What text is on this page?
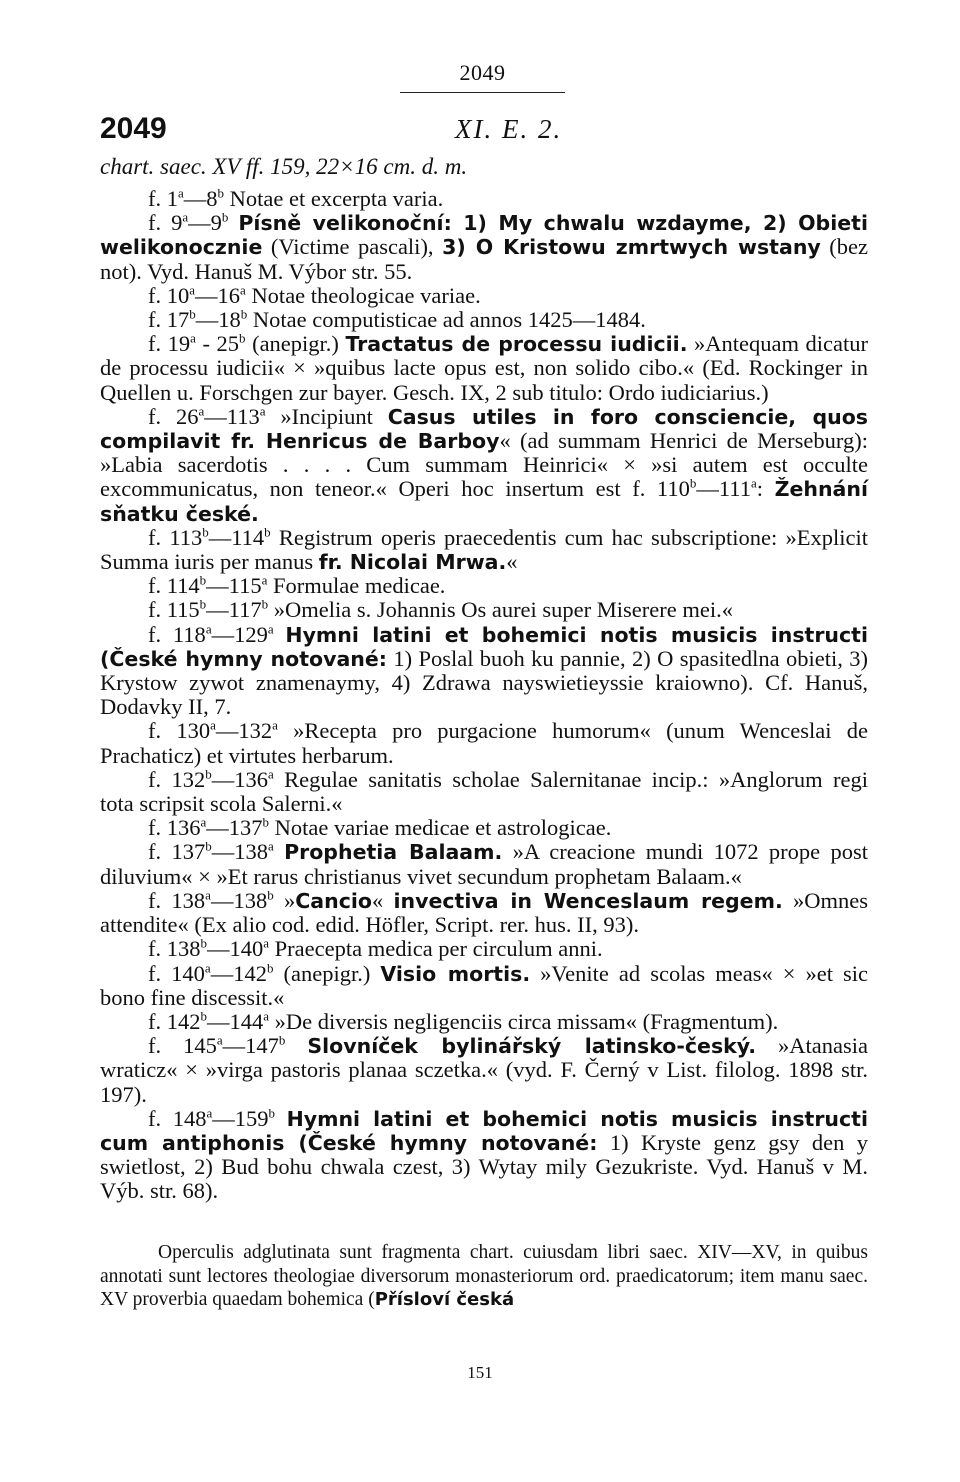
2049
2049	XI. E. 2.
chart. saec. XV ff. 159, 22×16 cm. d. m.

f. 1$^a$—8$^b$ Notae et excerpta varia.

f. 9$^a$—9$^b$ Písně velikonoční: 1) My chwalu wzdayme, 2) Obieti welikonocznie (Victime pascali), 3) O Kristowu zmrtwych wstany (bez not). Vyd. Hanuš M. Výbor str. 55.

f. 10$^a$—16$^a$ Notae theologicae variae.

f. 17$^b$—18$^b$ Notae computisticae ad annos 1425—1484.

f. 19$^a$ - 25$^b$ (anepigr.) Tractatus de processu iudicii. »Antequam dicatur de processu iudicii« × »quibus lacte opus est, non solido cibo.« (Ed. Rockinger in Quellen u. Forschgen zur bayer. Gesch. IX, 2 sub titulo: Ordo iudiciarius.)

f. 26$^a$—113$^a$ »Incipiunt Casus utiles in foro consciencie, quos compilavit fr. Henricus de Barboy« (ad summam Henrici de Merseburg): »Labia sacerdotis . . . . Cum summam Heinrici« × »si autem est occulte excommunicatus, non teneor.« Operi hoc insertum est f. 110$^b$—111$^a$: Žehnání sňatku české.

f. 113$^b$—114$^b$ Registrum operis praecedentis cum hac subscriptione: »Explicit Summa iuris per manus fr. Nicolai Mrwa.«

f. 114$^b$—115$^a$ Formulae medicae.

f. 115$^b$—117$^b$ »Omelia s. Johannis Os aurei super Miserere mei.«

f. 118$^a$—129$^a$ Hymni latini et bohemici notis musicis instructi (České hymny notované: 1) Poslal buoh ku pannie, 2) O spasitedlna obieti, 3) Krystow zywot znamenaymy, 4) Zdrawa nayswietieyssie kraiowno). Cf. Hanuš, Dodavky II, 7.

f. 130$^a$—132$^a$ »Recepta pro purgacione humorum« (unum Wenceslai de Prachaticz) et virtutes herbarum.

f. 132$^b$—136$^a$ Regulae sanitatis scholae Salernitanae incip.: »Anglorum regi tota scripsit scola Salerni.«

f. 136$^a$—137$^b$ Notae variae medicae et astrologicae.

f. 137$^b$—138$^a$ Prophetia Balaam. »A creacione mundi 1072 prope post diluvium« × »Et rarus christianus vivet secundum prophetam Balaam.«

f. 138$^a$—138$^b$ »Cancio« invectiva in Wenceslaum regem. »Omnes attendite« (Ex alio cod. edid. Höfler, Script. rer. hus. II, 93).

f. 138$^b$—140$^a$ Praecepta medica per circulum anni.

f. 140$^a$—142$^b$ (anepigr.) Visio mortis. »Venite ad scolas meas« × »et sic bono fine discessit.«

f. 142$^b$—144$^a$ »De diversis negligenciis circa missam« (Fragmentum).

f. 145$^a$—147$^b$ Slovníček bylinářský latinsko-český. »Atanasia wraticz« × »virga pastoris planaa sczetka.« (vyd. F. Černý v List. filolog. 1898 str. 197).

f. 148$^a$—159$^b$ Hymni latini et bohemici notis musicis instructi cum antiphonis (České hymny notované: 1) Kryste genz gsy den y swietlost, 2) Bud bohu chwala czest, 3) Wytay mily Gezukriste. Vyd. Hanuš v M. Výb. str. 68).

Operculis adglutinata sunt fragmenta chart. cuiusdam libri saec. XIV—XV, in quibus annotati sunt lectores theologiae diversorum monasteriorum ord. praedicatorum; item manu saec. XV proverbia quaedam bohemica (Přísloví česká

151
